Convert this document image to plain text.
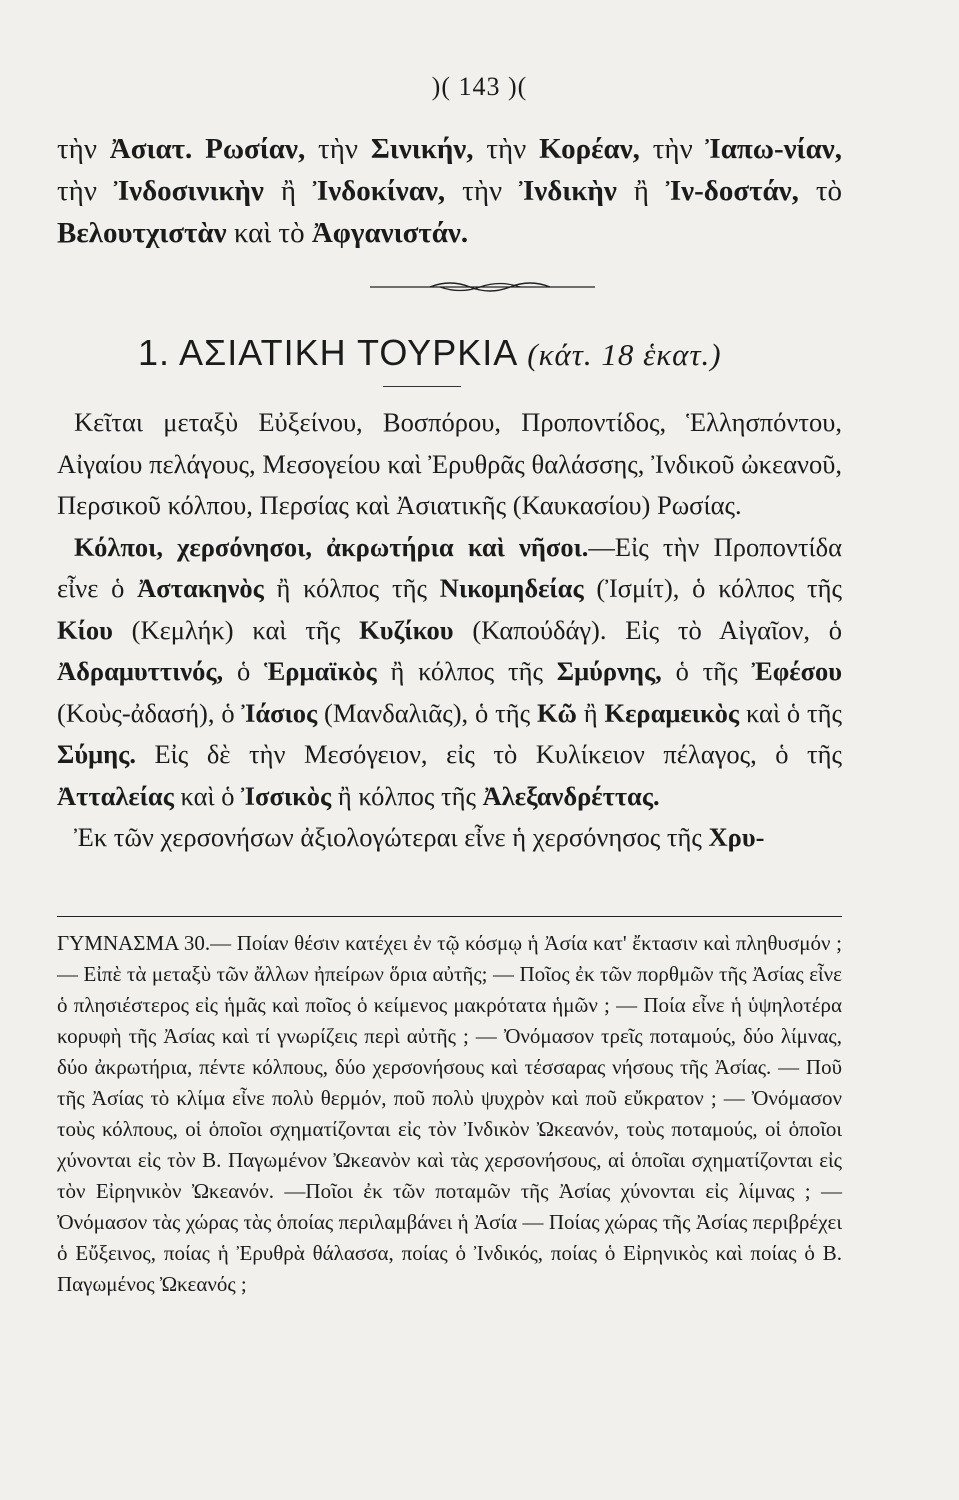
)( 143 )(
τὴν Ἀσιατ. Ρωσίαν, τὴν Σινικήν, τὴν Κορέαν, τὴν Ἰαπω-νίαν, τὴν Ἰνδοσινικὴν ἢ Ἰνδοκίναν, τὴν Ἰνδικὴν ἢ Ἰν-δοστάν, τὸ Βελουτχιστὰν καὶ τὸ Ἀφγανιστάν.
1. ΑΣΙΑΤΙΚΗ ΤΟΥΡΚΙΑ (κάτ. 18 ἑκατ.)

Κεῖται μεταξὺ Εὐξείνου, Βοσπόρου, Προποντίδος, Ἑλλησπόντου, Αἰγαίου πελάγους, Μεσογείου καὶ Ἐρυθρᾶς θαλάσσης, Ἰνδικοῦ ὠκεανοῦ, Περσικοῦ κόλπου, Περσίας καὶ Ἀσιατικῆς (Καυκασίου) Ρωσίας.

Κόλποι, χερσόνησοι, ἀκρωτήρια καὶ νῆσοι.—Εἰς τὴν Προποντίδα εἶνε ὁ Ἀστακηνὸς ἢ κόλπος τῆς Νικομηδείας (Ἰσμίτ), ὁ κόλπος τῆς Κίου (Κεμλήκ) καὶ τῆς Κυζίκου (Καπούδάγ). Εἰς τὸ Αἰγαῖον, ὁ Ἀδραμυττινός, ὁ Ἑρμαϊκὸς ἢ κόλπος τῆς Σμύρνης, ὁ τῆς Ἐφέσου (Κοὺς-ἀδασή), ὁ Ἰάσιος (Μανδαλιᾶς), ὁ τῆς Κῶ ἢ Κεραμεικὸς καὶ ὁ τῆς Σύμης. Εἰς δὲ τὴν Μεσόγειον, εἰς τὸ Κυλίκειον πέλαγος, ὁ τῆς Ἀτταλείας καὶ ὁ Ἰσσικὸς ἢ κόλπος τῆς Ἀλεξανδρέττας.

Ἐκ τῶν χερσονήσων ἀξιολογώτεραι εἶνε ἡ χερσόνησος τῆς Χρυ-

ΓΥΜΝΑΣΜΑ 30.— Ποίαν θέσιν κατέχει ἐν τῷ κόσμῳ ἡ Ἀσία κατ' ἔκτασιν καὶ πληθυσμόν ; — Εἰπὲ τὰ μεταξὺ τῶν ἄλλων ἠπείρων ὅρια αὐτῆς; — Ποῖος ἐκ τῶν πορθμῶν τῆς Ἀσίας εἶνε ὁ πλησιέστερος εἰς ἡμᾶς καὶ ποῖος ὁ κείμενος μακρότατα ἡμῶν ; — Ποία εἶνε ἡ ὑψηλοτέρα κορυφὴ τῆς Ἀσίας καὶ τί γνωρίζεις περὶ αὐτῆς ; — Ὀνόμασον τρεῖς ποταμούς, δύο λίμνας, δύο ἀκρωτήρια, πέντε κόλπους, δύο χερσονήσους καὶ τέσσαρας νήσους τῆς Ἀσίας. — Ποῦ τῆς Ἀσίας τὸ κλίμα εἶνε πολὺ θερμόν, ποῦ πολὺ ψυχρὸν καὶ ποῦ εὔκρατον ; — Ὀνόμασον τοὺς κόλπους, οἱ ὁποῖοι σχηματίζονται εἰς τὸν Ἰνδικὸν Ὠκεανόν, τοὺς ποταμούς, οἱ ὁποῖοι χύνονται εἰς τὸν Β. Παγωμένον Ὠκεανὸν καὶ τὰς χερσονήσους, αἱ ὁποῖαι σχηματίζονται εἰς τὸν Εἰρηνικὸν Ὠκεανόν. —Ποῖοι ἐκ τῶν ποταμῶν τῆς Ἀσίας χύνονται εἰς λίμνας ; — Ὀνόμασον τὰς χώρας τὰς ὁποίας περιλαμβάνει ἡ Ἀσία — Ποίας χώρας τῆς Ἀσίας περιβρέχει ὁ Εὔξεινος, ποίας ἡ Ἐρυθρὰ θάλασσα, ποίας ὁ Ἰνδικός, ποίας ὁ Εἰρηνικὸς καὶ ποίας ὁ Β. Παγωμένος Ὠκεανός ;
